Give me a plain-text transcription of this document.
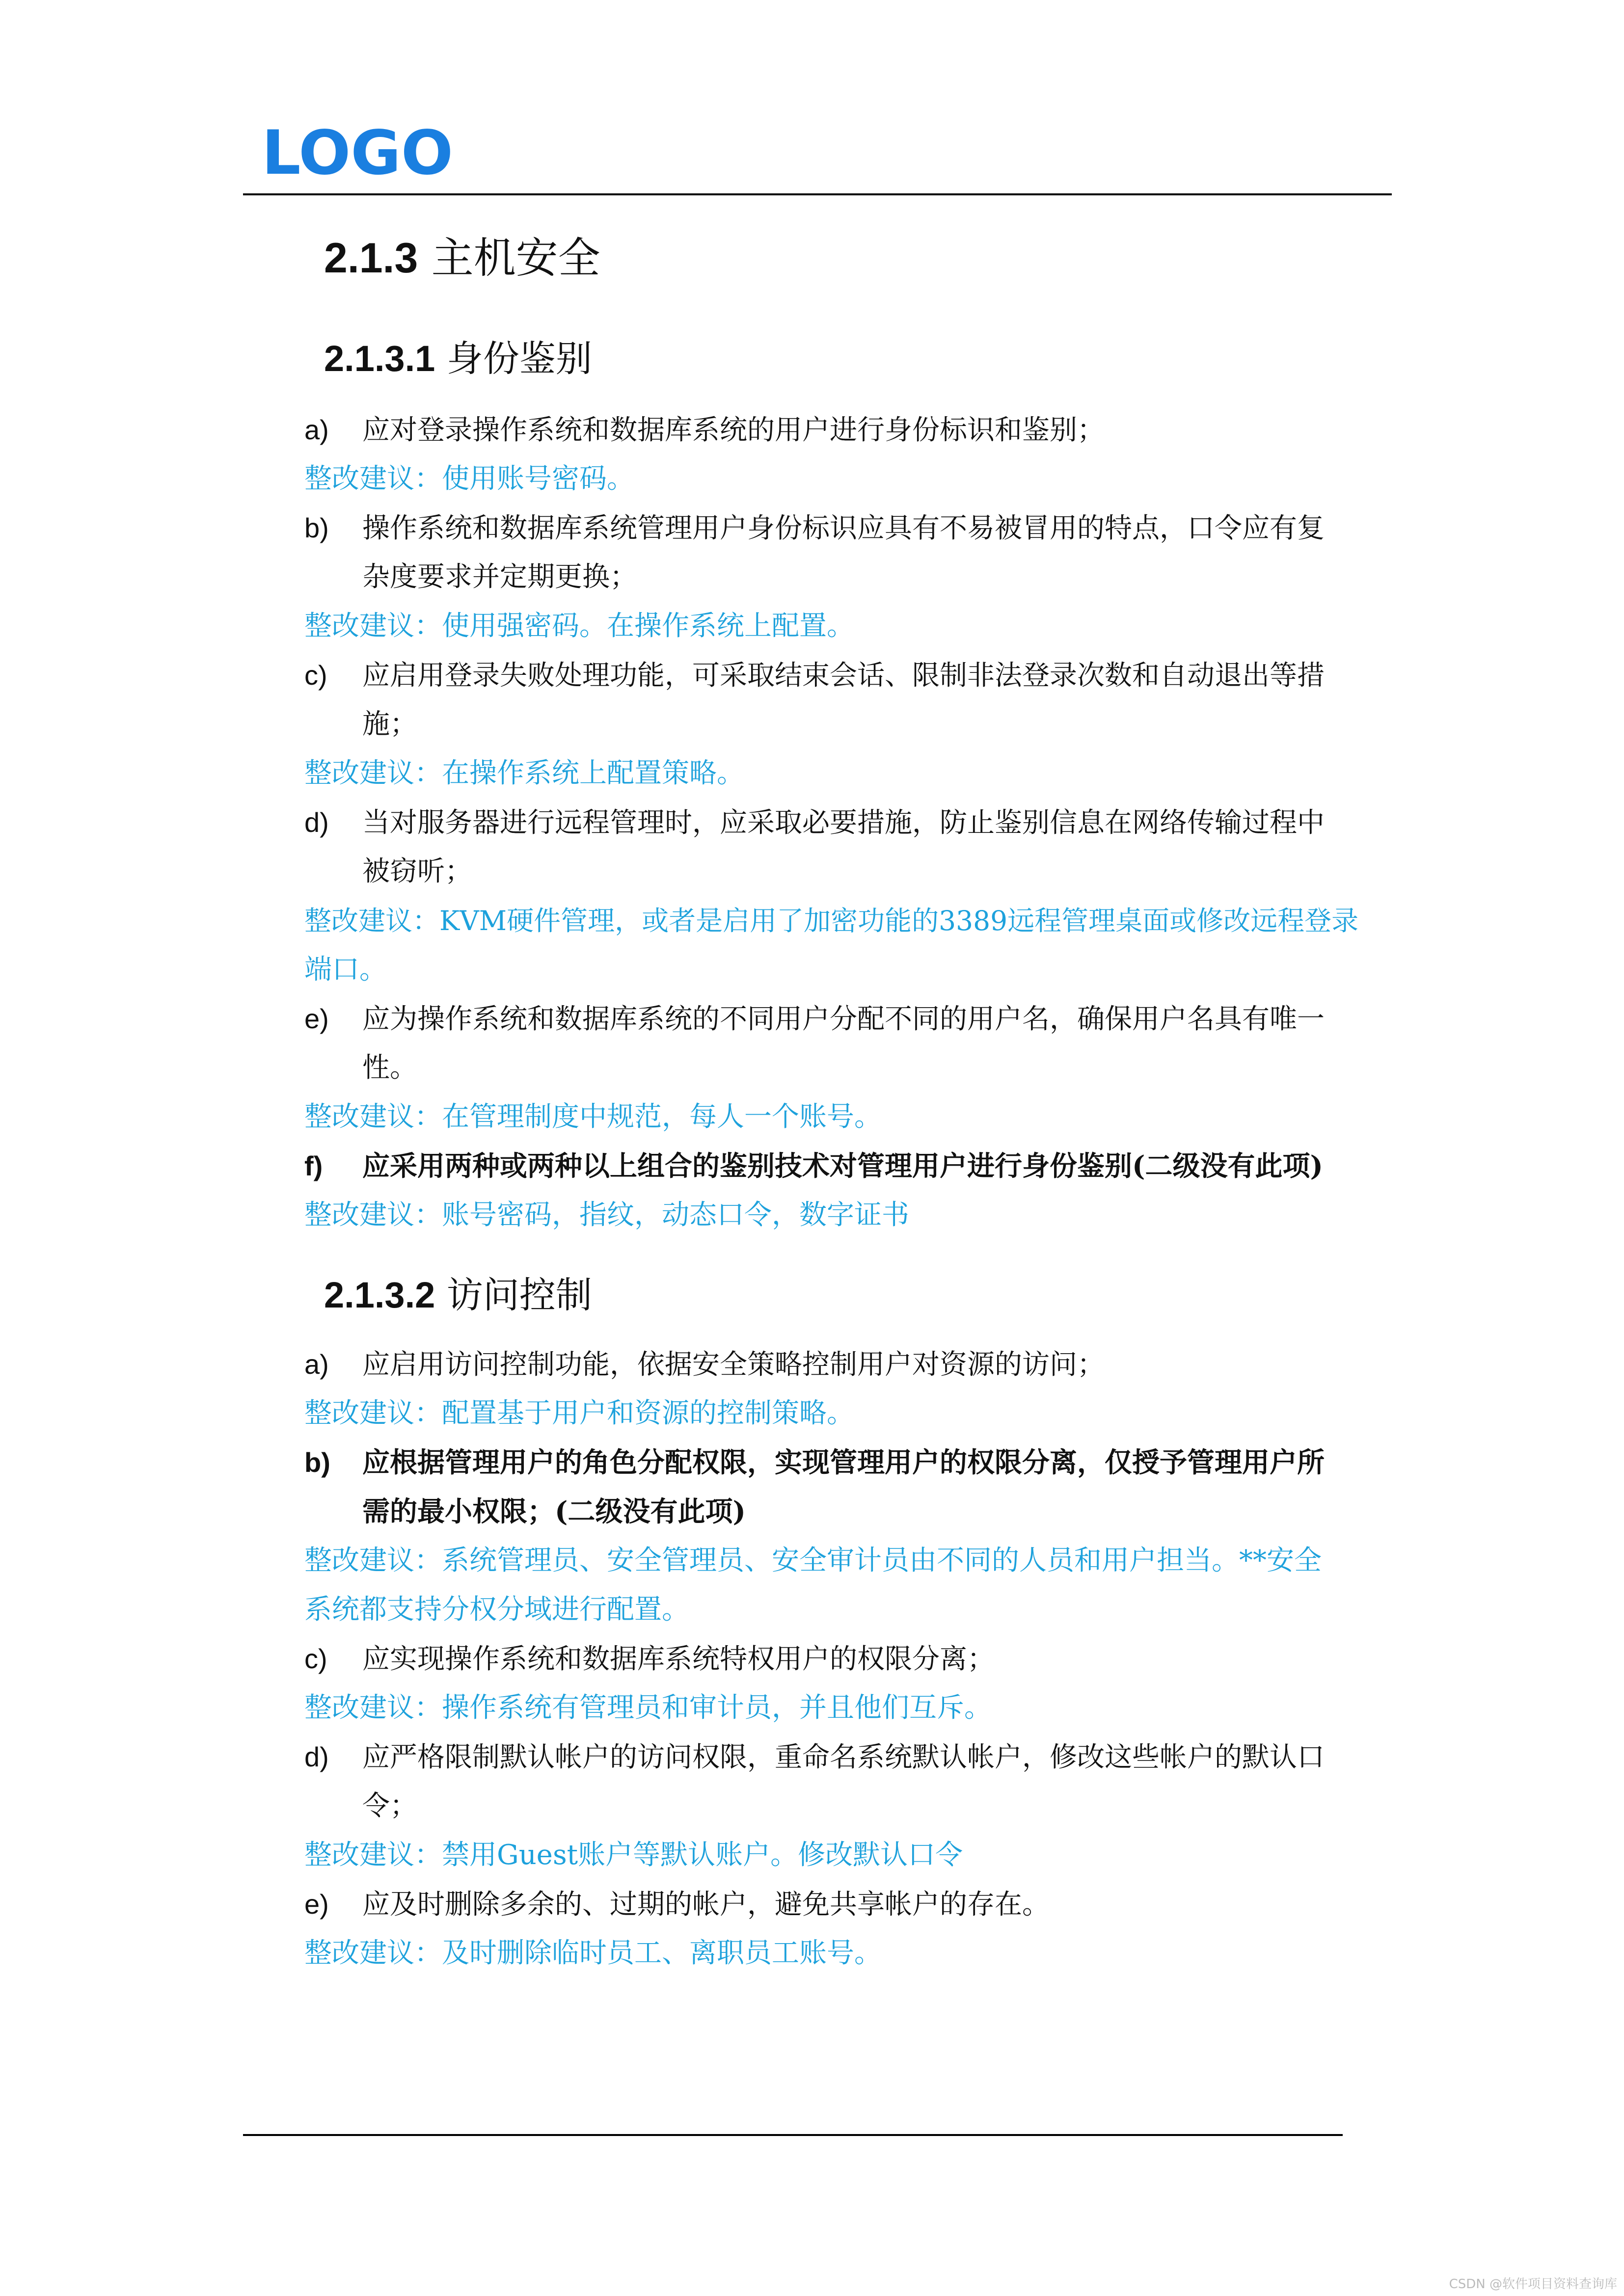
LOGO
2.1.3 主机安全
2.1.3.1 身份鉴别
a) 应对登录操作系统和数据库系统的用户进行身份标识和鉴别；
整改建议：使用账号密码。
b) 操作系统和数据库系统管理用户身份标识应具有不易被冒用的特点，口令应有复
杂度要求并定期更换；
整改建议：使用强密码。在操作系统上配置。
c) 应启用登录失败处理功能，可采取结束会话、限制非法登录次数和自动退出等措
施；
整改建议：在操作系统上配置策略。
d) 当对服务器进行远程管理时，应采取必要措施，防止鉴别信息在网络传输过程中
被窃听；
整改建议：KVM硬件管理，或者是启用了加密功能的3389远程管理桌面或修改远程登录
端口。
e) 应为操作系统和数据库系统的不同用户分配不同的用户名，确保用户名具有唯一
性。
整改建议：在管理制度中规范，每人一个账号。
f) 应采用两种或两种以上组合的鉴别技术对管理用户进行身份鉴别(二级没有此项)
整改建议：账号密码，指纹，动态口令，数字证书
2.1.3.2 访问控制
a) 应启用访问控制功能，依据安全策略控制用户对资源的访问；
整改建议：配置基于用户和资源的控制策略。
b) 应根据管理用户的角色分配权限，实现管理用户的权限分离，仅授予管理用户所
需的最小权限；(二级没有此项)
整改建议：系统管理员、安全管理员、安全审计员由不同的人员和用户担当。**安全
系统都支持分权分域进行配置。
c) 应实现操作系统和数据库系统特权用户的权限分离；
整改建议：操作系统有管理员和审计员，并且他们互斥。
d) 应严格限制默认帐户的访问权限，重命名系统默认帐户，修改这些帐户的默认口
令；
整改建议：禁用Guest账户等默认账户。修改默认口令
e) 应及时删除多余的、过期的帐户，避免共享帐户的存在。
整改建议：及时删除临时员工、离职员工账号。
CSDN @软件项目资料查询库
